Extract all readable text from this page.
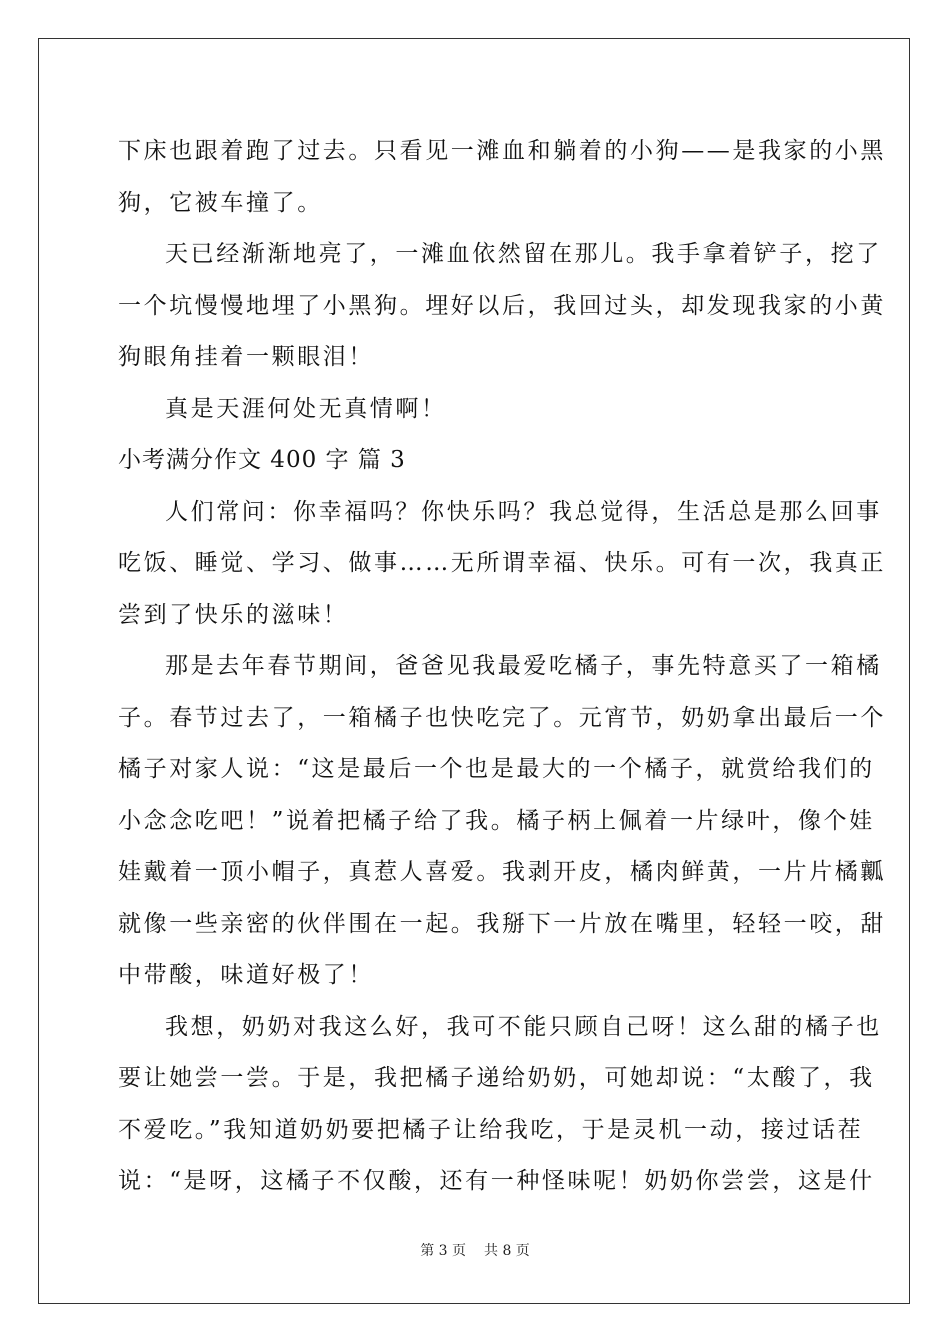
下床也跟着跑了过去。只看见一滩血和躺着的小狗——是我家的小黑
狗，它被车撞了。
天已经渐渐地亮了，一滩血依然留在那儿。我手拿着铲子，挖了
一个坑慢慢地埋了小黑狗。埋好以后，我回过头，却发现我家的小黄
狗眼角挂着一颗眼泪！
真是天涯何处无真情啊！
小考满分作文 400 字 篇 3
人们常问：你幸福吗？你快乐吗？我总觉得，生活总是那么回事
吃饭、睡觉、学习、做事……无所谓幸福、快乐。可有一次，我真正
尝到了快乐的滋味！
那是去年春节期间，爸爸见我最爱吃橘子，事先特意买了一箱橘
子。春节过去了，一箱橘子也快吃完了。元宵节，奶奶拿出最后一个
橘子对家人说：“这是最后一个也是最大的一个橘子，就赏给我们的
小念念吃吧！”说着把橘子给了我。橘子柄上佩着一片绿叶，像个娃
娃戴着一顶小帽子，真惹人喜爱。我剥开皮，橘肉鲜黄，一片片橘瓤
就像一些亲密的伙伴围在一起。我掰下一片放在嘴里，轻轻一咬，甜
中带酸，味道好极了！
我想，奶奶对我这么好，我可不能只顾自己呀！这么甜的橘子也
要让她尝一尝。于是，我把橘子递给奶奶，可她却说：“太酸了，我
不爱吃。”我知道奶奶要把橘子让给我吃，于是灵机一动，接过话茬
说：“是呀，这橘子不仅酸，还有一种怪味呢！奶奶你尝尝，这是什
第 3 页 共 8 页
